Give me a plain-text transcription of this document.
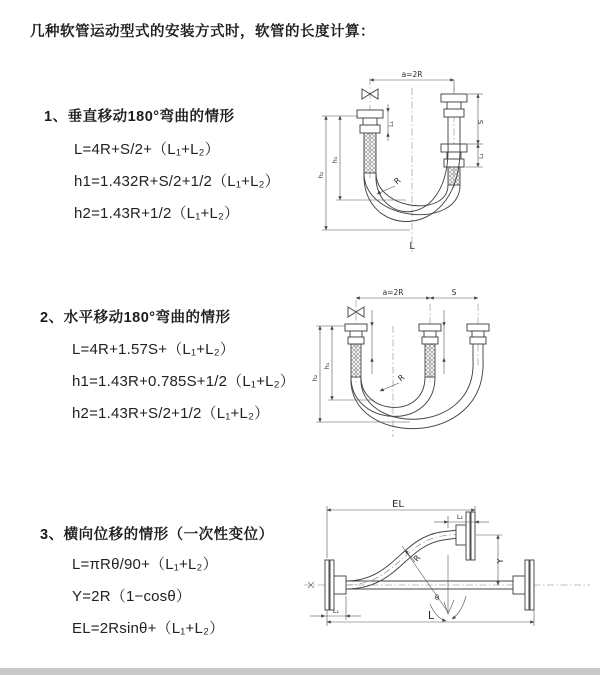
几种软管运动型式的安装方式时，软管的长度计算：
1、垂直移动180°弯曲的情形
L=4R+S/2+（L₁+L₂）
h1=1.432R+S/2+1/2（L₁+L₂）
h2=1.43R+1/2（L₁+L₂）
2、水平移动180°弯曲的情形
L=4R+1.57S+（L₁+L₂）
h1=1.43R+0.785S+1/2（L₁+L₂）
h2=1.43R+S/2+1/2（L₁+L₂）
3、横向位移的情形（一次性变位）
L=πRθ/90+（L₁+L₂）
Y=2R（1−cosθ）
EL=2Rsinθ+（L₁+L₂）
a=2R
h₂
h₁
S
L₁
L₁
R
L
a=2R	S
h₂
h₁
R
θ
EL
L₁
Y
R
L
L₁
